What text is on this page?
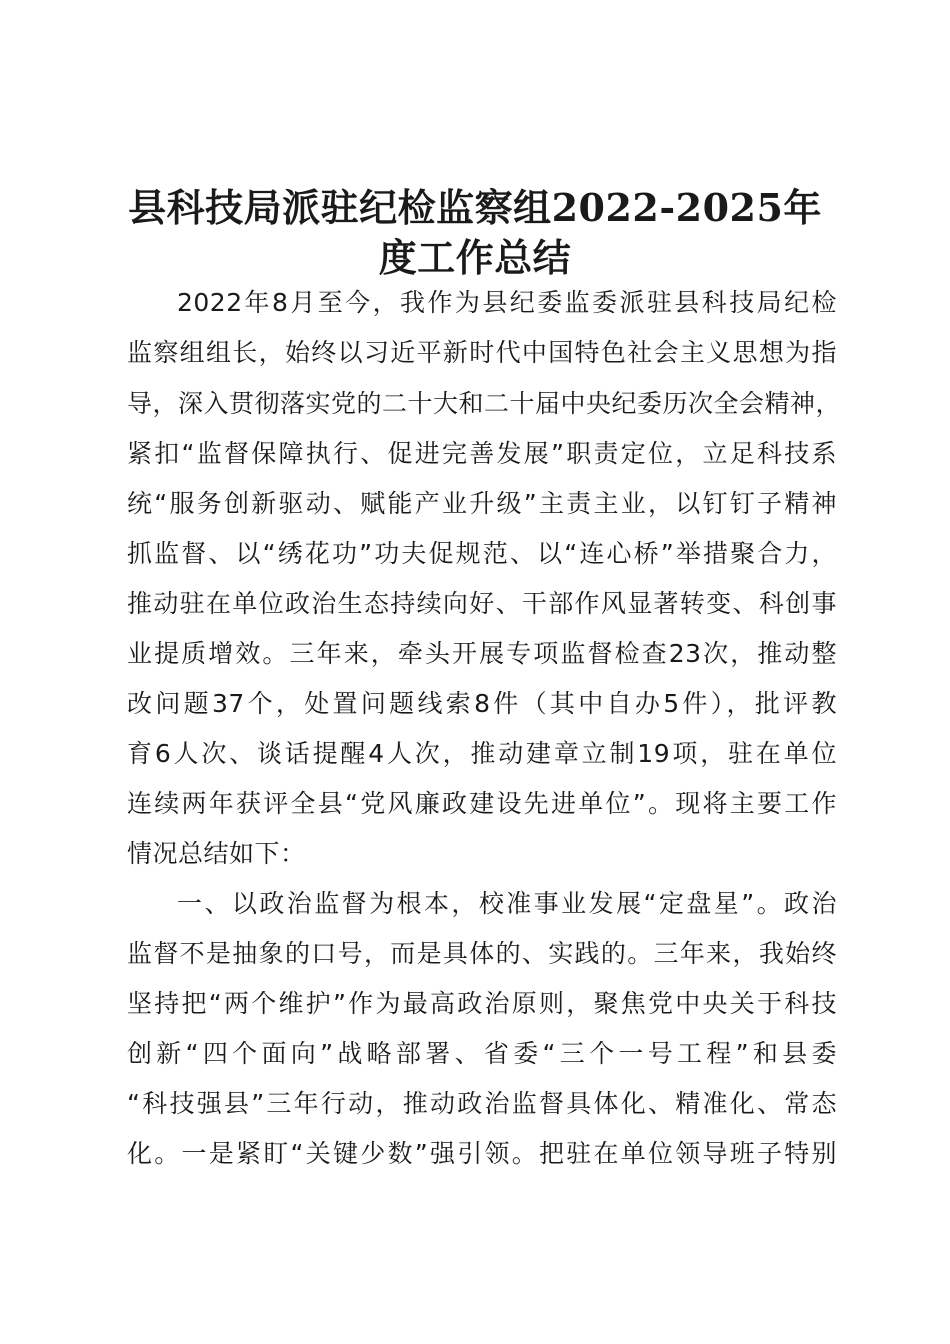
县科技局派驻纪检监察组2022-2025年
度工作总结
2022年8月至今，我作为县纪委监委派驻县科技局纪检
监察组组长，始终以习近平新时代中国特色社会主义思想为指
导，深入贯彻落实党的二十大和二十届中央纪委历次全会精神，
紧扣“监督保障执行、促进完善发展”职责定位，立足科技系
统“服务创新驱动、赋能产业升级”主责主业，以钉钉子精神
抓监督、以“绣花功”功夫促规范、以“连心桥”举措聚合力，
推动驻在单位政治生态持续向好、干部作风显著转变、科创事
业提质增效。三年来，牵头开展专项监督检查23次，推动整
改问题37个，处置问题线索8件（其中自办5件），批评教
育6人次、谈话提醒4人次，推动建章立制19项，驻在单位
连续两年获评全县“党风廉政建设先进单位”。现将主要工作
情况总结如下：
一、以政治监督为根本，校准事业发展“定盘星”。政治
监督不是抽象的口号，而是具体的、实践的。三年来，我始终
坚持把“两个维护”作为最高政治原则，聚焦党中央关于科技
创新“四个面向”战略部署、省委“三个一号工程”和县委
“科技强县”三年行动，推动政治监督具体化、精准化、常态
化。一是紧盯“关键少数”强引领。把驻在单位领导班子特别
